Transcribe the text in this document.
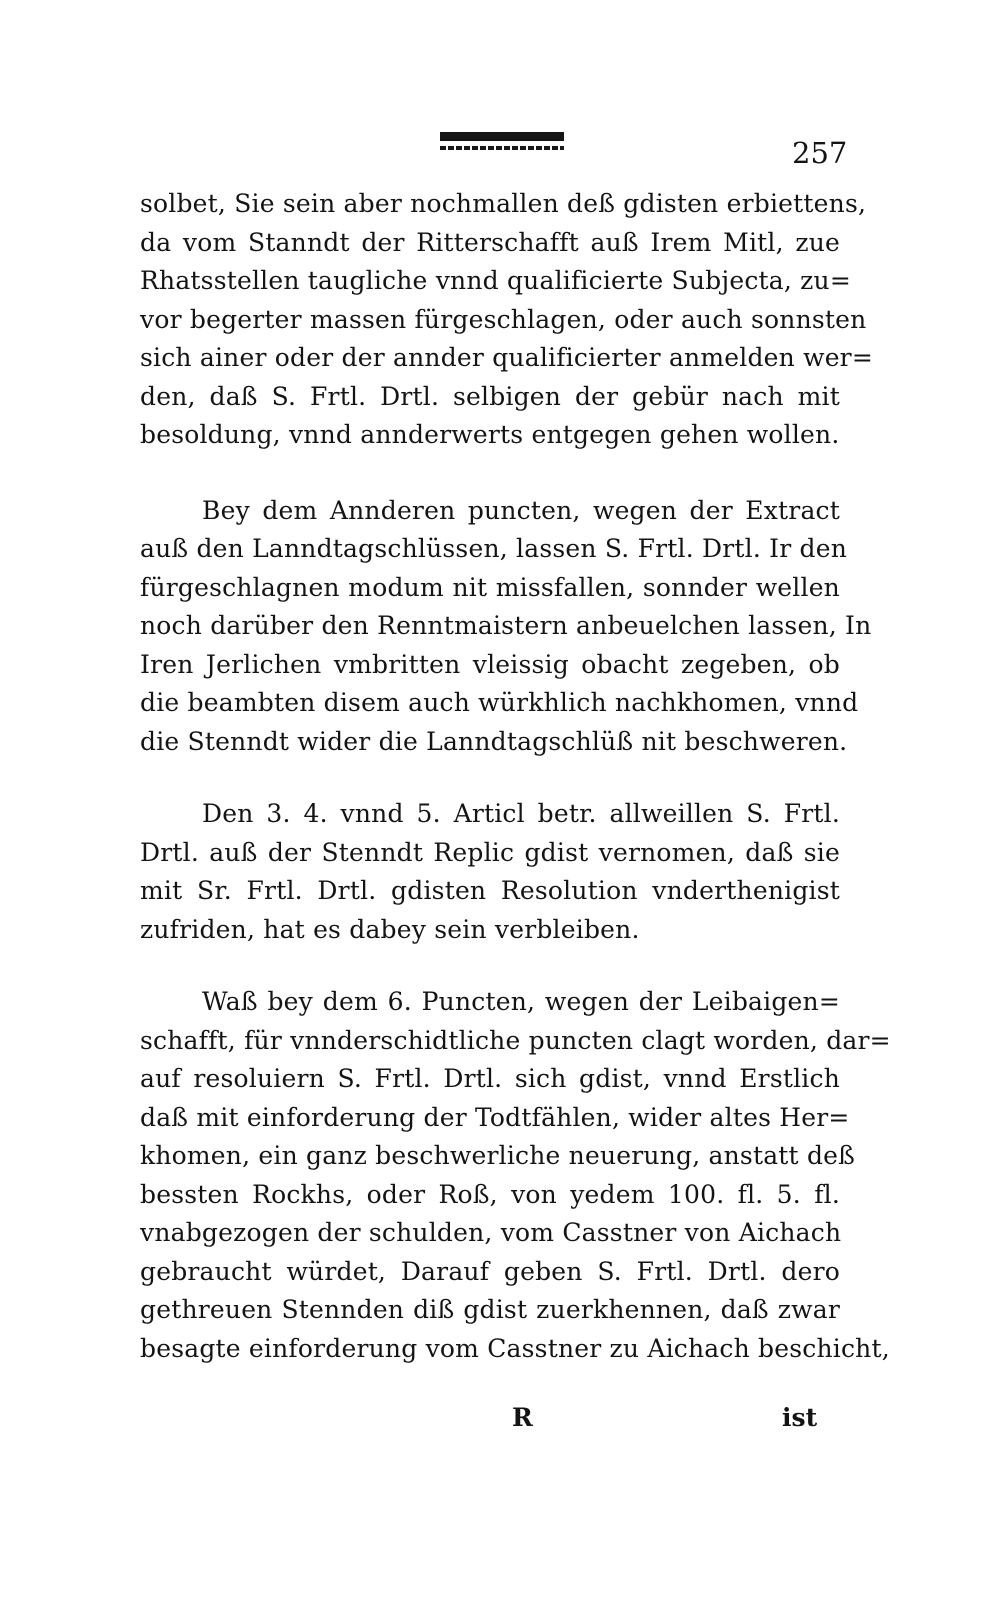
257
solbet, Sie sein aber nochmallen deß gdisten erbiettens,
da vom Stanndt der Ritterschafft auß Irem Mitl, zue
Rhatsstellen taugliche vnnd qualificierte Subjecta, zu=
vor begerter massen fürgeschlagen, oder auch sonnsten
sich ainer oder der annder qualificierter anmelden wer=
den, daß S. Frtl. Drtl. selbigen der gebür nach mit
besoldung, vnnd annderwerts entgegen gehen wollen.
Bey dem Annderen puncten, wegen der Extract
auß den Lanndtagschlüssen, lassen S. Frtl. Drtl. Ir den
fürgeschlagnen modum nit missfallen, sonnder wellen
noch darüber den Renntmaistern anbeuelchen lassen, In
Iren Jerlichen vmbritten vleissig obacht zegeben, ob
die beambten disem auch würkhlich nachkhomen, vnnd
die Stenndt wider die Lanndtagschlüß nit beschweren.
Den 3. 4. vnnd 5. Articl betr. allweillen S. Frtl.
Drtl. auß der Stenndt Replic gdist vernomen, daß sie
mit Sr. Frtl. Drtl. gdisten Resolution vnderthenigist
zufriden, hat es dabey sein verbleiben.
Waß bey dem 6. Puncten, wegen der Leibaigen=
schafft, für vnnderschidtliche puncten clagt worden, dar=
auf resoluiern S. Frtl. Drtl. sich gdist, vnnd Erstlich
daß mit einforderung der Todtfählen, wider altes Her=
khomen, ein ganz beschwerliche neuerung, anstatt deß
bessten Rockhs, oder Roß, von yedem 100. fl. 5. fl.
vnabgezogen der schulden, vom Casstner von Aichach
gebraucht würdet, Darauf geben S. Frtl. Drtl. dero
gethreuen Stennden diß gdist zuerkhennen, daß zwar
besagte einforderung vom Casstner zu Aichach beschicht,
R	ist
